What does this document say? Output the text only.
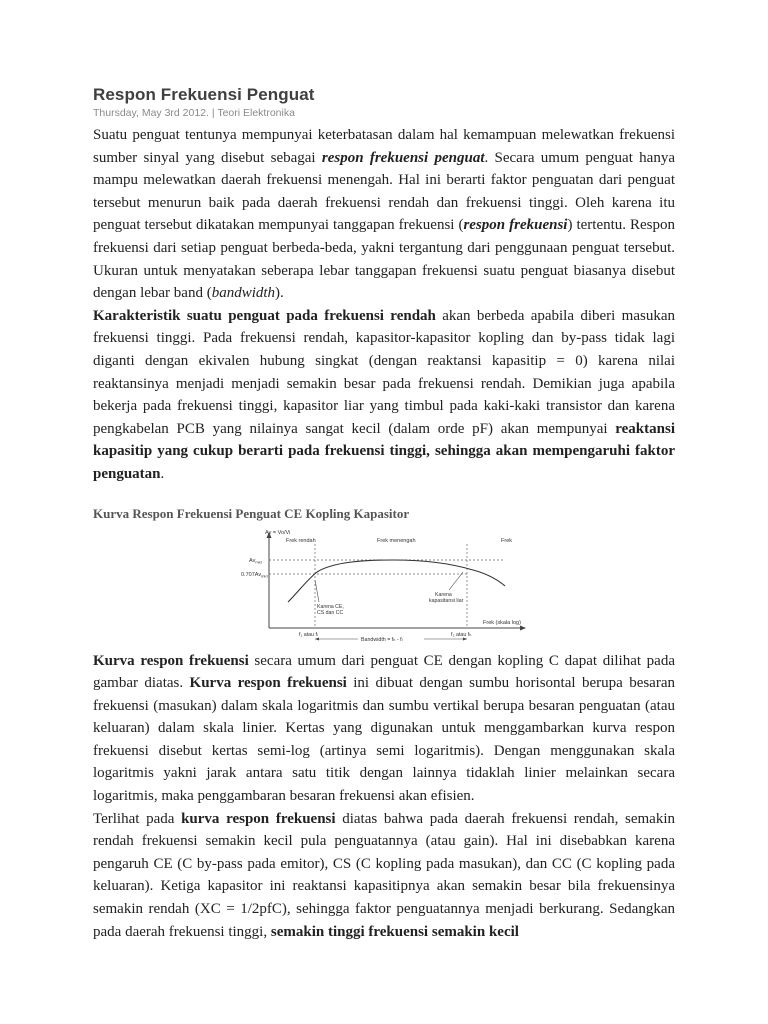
Respon Frekuensi Penguat
Thursday, May 3rd 2012. | Teori Elektronika

Suatu penguat tentunya mempunyai keterbatasan dalam hal kemampuan melewatkan frekuensi sumber sinyal yang disebut sebagai respon frekuensi penguat. Secara umum penguat hanya mampu melewatkan daerah frekuensi menengah. Hal ini berarti faktor penguatan dari penguat tersebut menurun baik pada daerah frekuensi rendah dan frekuensi tinggi. Oleh karena itu penguat tersebut dikatakan mempunyai tanggapan frekuensi (respon frekuensi) tertentu. Respon frekuensi dari setiap penguat berbeda-beda, yakni tergantung dari penggunaan penguat tersebut. Ukuran untuk menyatakan seberapa lebar tanggapan frekuensi suatu penguat biasanya disebut dengan lebar band (bandwidth).

Karakteristik suatu penguat pada frekuensi rendah akan berbeda apabila diberi masukan frekuensi tinggi. Pada frekuensi rendah, kapasitor-kapasitor kopling dan by-pass tidak lagi diganti dengan ekivalen hubung singkat (dengan reaktansi kapasitip = 0) karena nilai reaktansinya menjadi menjadi semakin besar pada frekuensi rendah. Demikian juga apabila bekerja pada frekuensi tinggi, kapasitor liar yang timbul pada kaki-kaki transistor dan karena pengkabelan PCB yang nilainya sangat kecil (dalam orde pF) akan mempunyai reaktansi kapasitip yang cukup berarti pada frekuensi tinggi, sehingga akan mempengaruhi faktor penguatan.

Kurva Respon Frekuensi Penguat CE Kopling Kapasitor
Av = Vo/Vi
Frek rendah	Frek menengah	Frek
$Av_{mid}$
$0.707Av_{mid}$
Karena CE,
CS dan CC
Karena
kapasitansi liar
Frek (skala log)
f₁ atau fₗ	f₂ atau fₕ
Bandwidth = fₕ - fₗ

Kurva respon frekuensi secara umum dari penguat CE dengan kopling C dapat dilihat pada gambar diatas. Kurva respon frekuensi ini dibuat dengan sumbu horisontal berupa besaran frekuensi (masukan) dalam skala logaritmis dan sumbu vertikal berupa besaran penguatan (atau keluaran) dalam skala linier. Kertas yang digunakan untuk menggambarkan kurva respon frekuensi disebut kertas semi-log (artinya semi logaritmis). Dengan menggunakan skala logaritmis yakni jarak antara satu titik dengan lainnya tidaklah linier melainkan secara logaritmis, maka penggambaran besaran frekuensi akan efisien.

Terlihat pada kurva respon frekuensi diatas bahwa pada daerah frekuensi rendah, semakin rendah frekuensi semakin kecil pula penguatannya (atau gain). Hal ini disebabkan karena pengaruh CE (C by-pass pada emitor), CS (C kopling pada masukan), dan CC (C kopling pada keluaran). Ketiga kapasitor ini reaktansi kapasitipnya akan semakin besar bila frekuensinya semakin rendah (XC = 1/2pfC), sehingga faktor penguatannya menjadi berkurang. Sedangkan pada daerah frekuensi tinggi, semakin tinggi frekuensi semakin kecil
